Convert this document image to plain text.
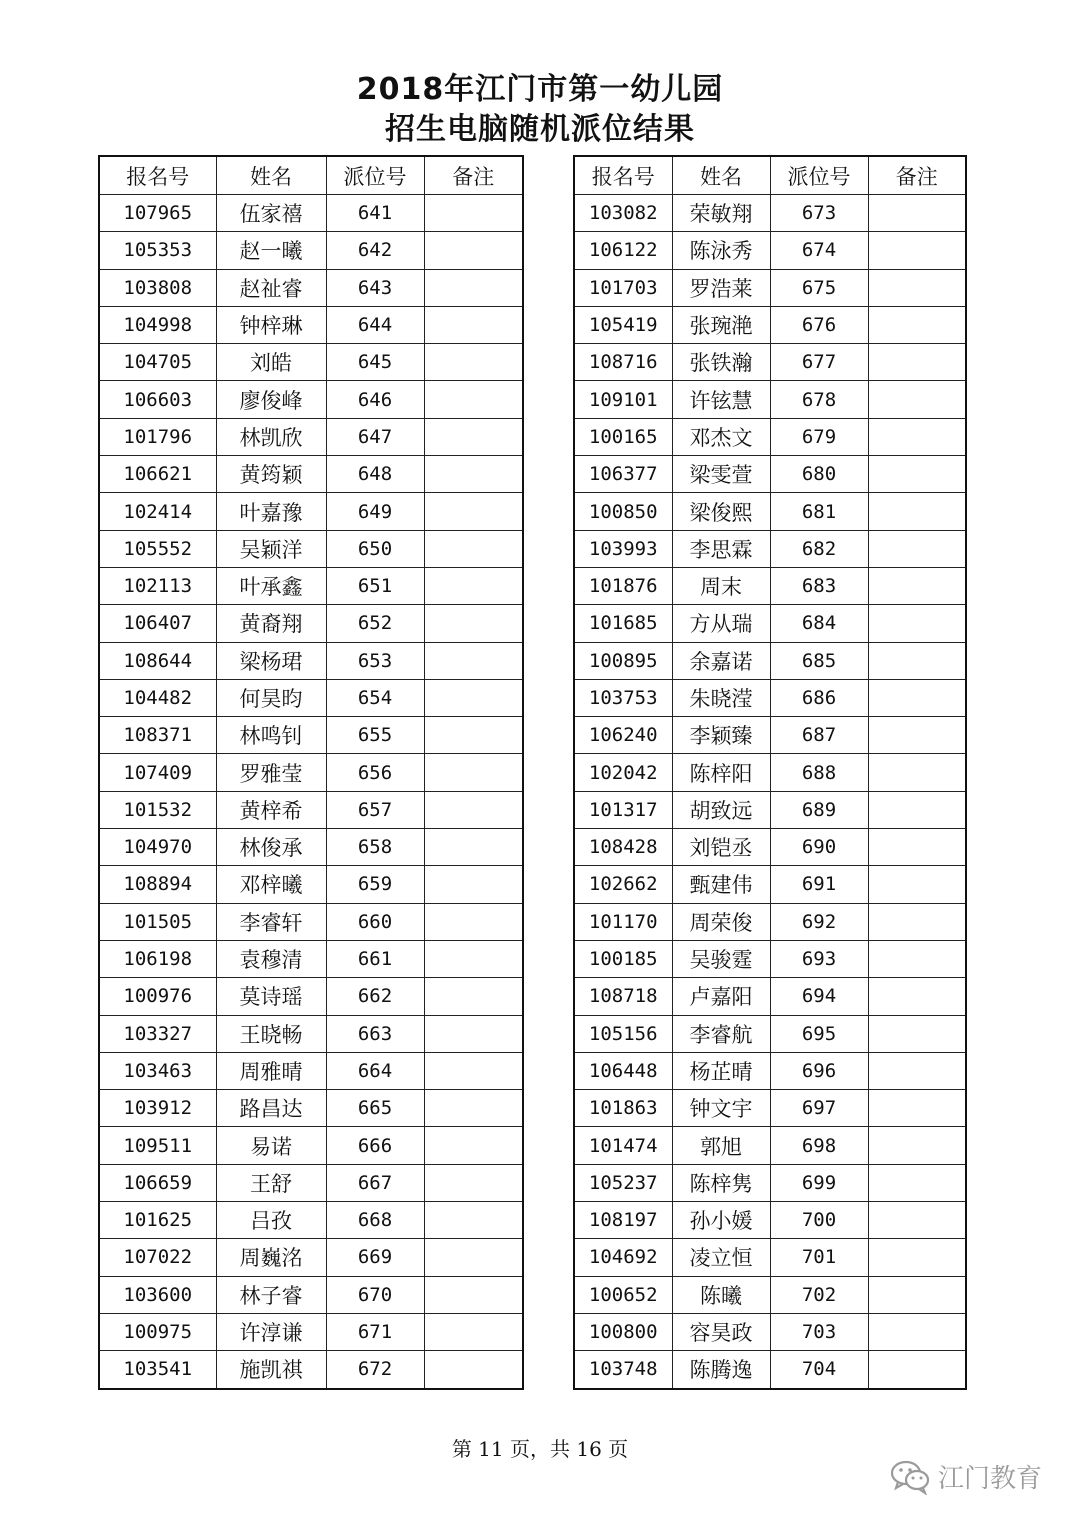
2018年江门市第一幼儿园
招生电脑随机派位结果
报名号	姓名	派位号	备注
107965	伍家禧	641	
105353	赵一曦	642	
103808	赵祉睿	643	
104998	钟梓琳	644	
104705	刘皓	645	
106603	廖俊峰	646	
101796	林凯欣	647	
106621	黄筠颖	648	
102414	叶嘉豫	649	
105552	吴颖洋	650	
102113	叶承鑫	651	
106407	黄裔翔	652	
108644	梁杨珺	653	
104482	何昊昀	654	
108371	林鸣钊	655	
107409	罗雅莹	656	
101532	黄梓希	657	
104970	林俊承	658	
108894	邓梓曦	659	
101505	李睿轩	660	
106198	袁穆清	661	
100976	莫诗瑶	662	
103327	王晓畅	663	
103463	周雅晴	664	
103912	路昌达	665	
109511	易诺	666	
106659	王舒	667	
101625	吕孜	668	
107022	周巍洺	669	
103600	林子睿	670	
100975	许淳谦	671	
103541	施凯祺	672	
报名号	姓名	派位号	备注
103082	荣敏翔	673	
106122	陈泳秀	674	
101703	罗浩莱	675	
105419	张琬滟	676	
108716	张铁瀚	677	
109101	许铉慧	678	
100165	邓杰文	679	
106377	梁雯萱	680	
100850	梁俊熙	681	
103993	李思霖	682	
101876	周末	683	
101685	方从瑞	684	
100895	余嘉诺	685	
103753	朱晓滢	686	
106240	李颖臻	687	
102042	陈梓阳	688	
101317	胡致远	689	
108428	刘铠丞	690	
102662	甄建伟	691	
101170	周荣俊	692	
100185	吴骏霆	693	
108718	卢嘉阳	694	
105156	李睿航	695	
106448	杨芷晴	696	
101863	钟文宇	697	
101474	郭旭	698	
105237	陈梓隽	699	
108197	孙小媛	700	
104692	凌立恒	701	
100652	陈曦	702	
100800	容昊政	703	
103748	陈腾逸	704	
第 11 页，共 16 页
江门教育
